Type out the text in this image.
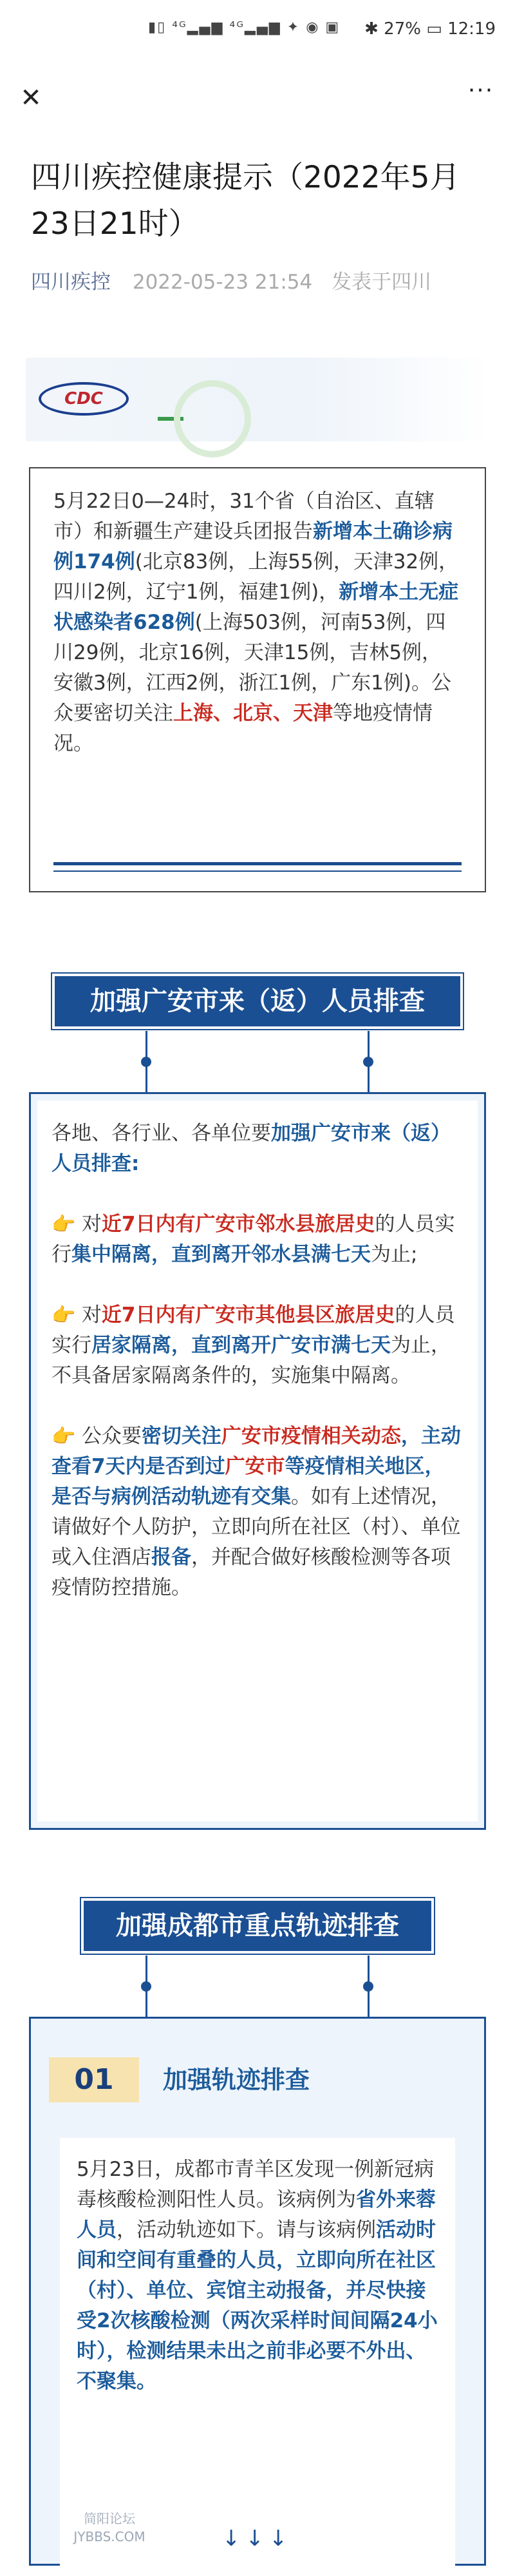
▮▯ ⁴ᴳ▂▄▆ ⁴ᴳ▂▄▆ ✦ ◉ ▣ ✱ 27% ▭ 12:19
✕	···
四川疾控健康提示（2022年5月23日21时）
四川疾控 2022-05-23 21:54 发表于四川
CDC
5月22日0—24时，31个省（自治区、直辖市）和新疆生产建设兵团报告新增本土确诊病例174例(北京83例，上海55例，天津32例，四川2例，辽宁1例，福建1例)，新增本土无症状感染者628例(上海503例，河南53例，四川29例，北京16例，天津15例，吉林5例，安徽3例，江西2例，浙江1例，广东1例)。公众要密切关注上海、北京、天津等地疫情情况。
加强广安市来（返）人员排查

各地、各行业、各单位要加强广安市来（返）人员排查:

👉 对近7日内有广安市邻水县旅居史的人员实行集中隔离，直到离开邻水县满七天为止;

👉 对近7日内有广安市其他县区旅居史的人员实行居家隔离，直到离开广安市满七天为止，不具备居家隔离条件的，实施集中隔离。

👉 公众要密切关注广安市疫情相关动态，主动查看7天内是否到过广安市等疫情相关地区，是否与病例活动轨迹有交集。如有上述情况，请做好个人防护，立即向所在社区（村）、单位或入住酒店报备，并配合做好核酸检测等各项疫情防控措施。

加强成都市重点轨迹排查
01	加强轨迹排查
5月23日，成都市青羊区发现一例新冠病毒核酸检测阳性人员。该病例为省外来蓉人员，活动轨迹如下。请与该病例活动时间和空间有重叠的人员，立即向所在社区（村）、单位、宾馆主动报备，并尽快接受2次核酸检测（两次采样时间间隔24小时），检测结果未出之前非必要不外出、不聚集。
简阳论坛 JYBBS.COM	↓↓↓
